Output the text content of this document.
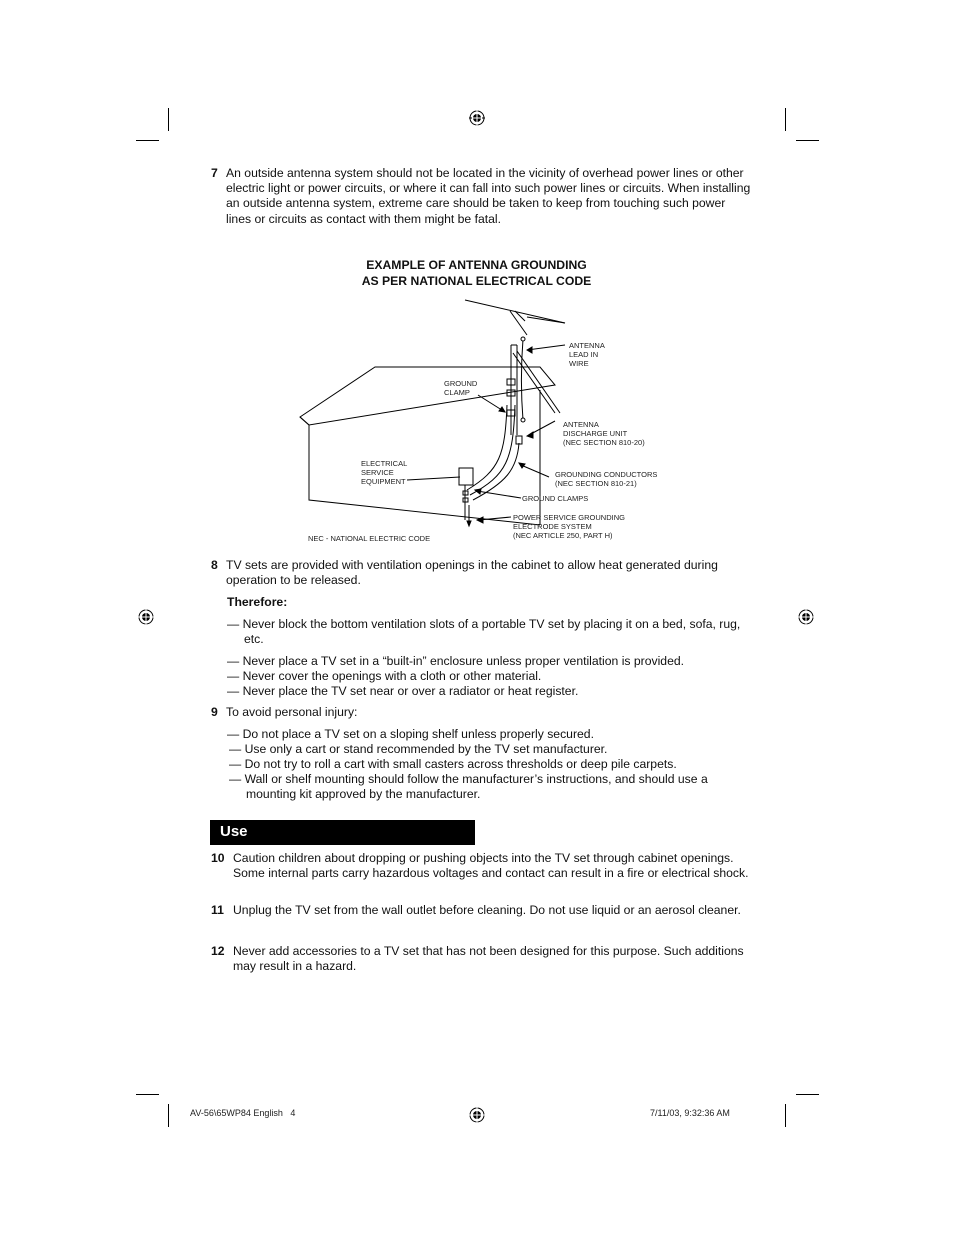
7 An outside antenna system should not be located in the vicinity of overhead power lines or other electric light or power circuits, or where it can fall into such power lines or circuits. When installing an outside antenna system, extreme care should be taken to keep from touching such power lines or circuits as contact with them might be fatal.
EXAMPLE OF ANTENNA GROUNDING
AS PER NATIONAL ELECTRICAL CODE
ANTENNA LEAD IN WIRE
GROUND CLAMP
ANTENNA DISCHARGE UNIT (NEC SECTION 810-20)
ELECTRICAL SERVICE EQUIPMENT
GROUNDING CONDUCTORS (NEC SECTION 810-21)
GROUND CLAMPS
POWER SERVICE GROUNDING ELECTRODE SYSTEM (NEC ARTICLE 250, PART H)
NEC - NATIONAL ELECTRIC CODE
8 TV sets are provided with ventilation openings in the cabinet to allow heat generated during operation to be released.
Therefore:
— Never block the bottom ventilation slots of a portable TV set by placing it on a bed, sofa, rug, etc.
— Never place a TV set in a “built-in” enclosure unless proper ventilation is provided.
— Never cover the openings with a cloth or other material.
— Never place the TV set near or over a radiator or heat register.
9 To avoid personal injury:
— Do not place a TV set on a sloping shelf unless properly secured.
— Use only a cart or stand recommended by the TV set manufacturer.
— Do not try to roll a cart with small casters across thresholds or deep pile carpets.
— Wall or shelf mounting should follow the manufacturer’s instructions, and should use a mounting kit approved by the manufacturer.
Use
10 Caution children about dropping or pushing objects into the TV set through cabinet openings. Some internal parts carry hazardous voltages and contact can result in a fire or electrical shock.
11 Unplug the TV set from the wall outlet before cleaning. Do not use liquid or an aerosol cleaner.
12 Never add accessories to a TV set that has not been designed for this purpose. Such additions may result in a hazard.
AV-56\65WP84 English   4	7/11/03, 9:32:36 AM
